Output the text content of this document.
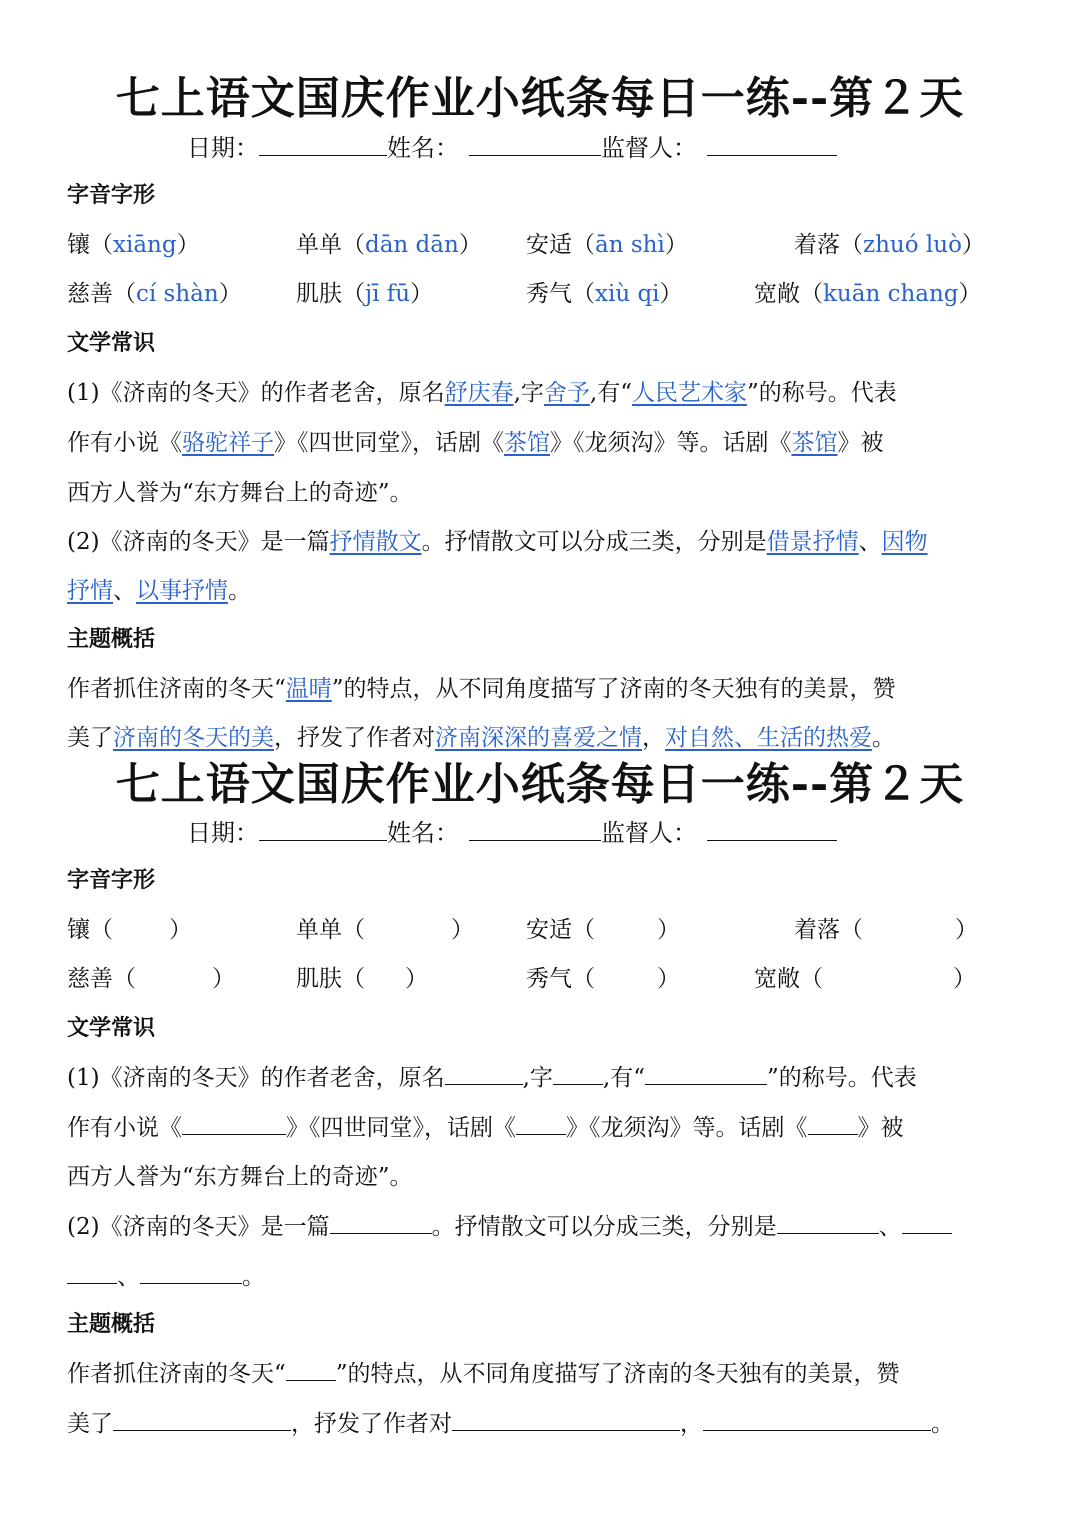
七上语文国庆作业小纸条每日一练--第２天
日期：	姓名：	监督人：
字音字形
镶（xiāng）	单单（dān dān） 安适（ān shì）	着落（zhuó luò）
慈善（cí shàn） 肌肤（jī fū）	秀气（xiù qi）	宽敞（kuān chang）
文学常识
(1)《济南的冬天》的作者老舍，原名舒庆春,字舍予,有“人民艺术家”的称号。代表
作有小说《骆驼祥子》《四世同堂》，话剧《茶馆》《龙须沟》等。话剧《茶馆》被
西方人誉为“东方舞台上的奇迹”。
(2)《济南的冬天》是一篇抒情散文。抒情散文可以分成三类，分别是借景抒情、因物
抒情、以事抒情。
主题概括
作者抓住济南的冬天“温晴”的特点，从不同角度描写了济南的冬天独有的美景，赞
美了济南的冬天的美，抒发了作者对济南深深的喜爱之情，对自然、生活的热爱。
七上语文国庆作业小纸条每日一练--第２天
日期：	姓名：	监督人：
字音字形
镶（ ）	单单（	） 安适（	）	着落（	）
慈善（	）	肌肤（ ）	秀气（	）	宽敞（	）
文学常识
(1)《济南的冬天》的作者老舍，原名	,字 ,有“	”的称号。代表
作有小说《	》《四世同堂》，话剧《 》《龙须沟》等。话剧《 》被
西方人誉为“东方舞台上的奇迹”。
(2)《济南的冬天》是一篇	。抒情散文可以分成三类，分别是	、
、	。
主题概括
作者抓住济南的冬天“ ”的特点，从不同角度描写了济南的冬天独有的美景，赞
美了	，抒发了作者对	，	。
